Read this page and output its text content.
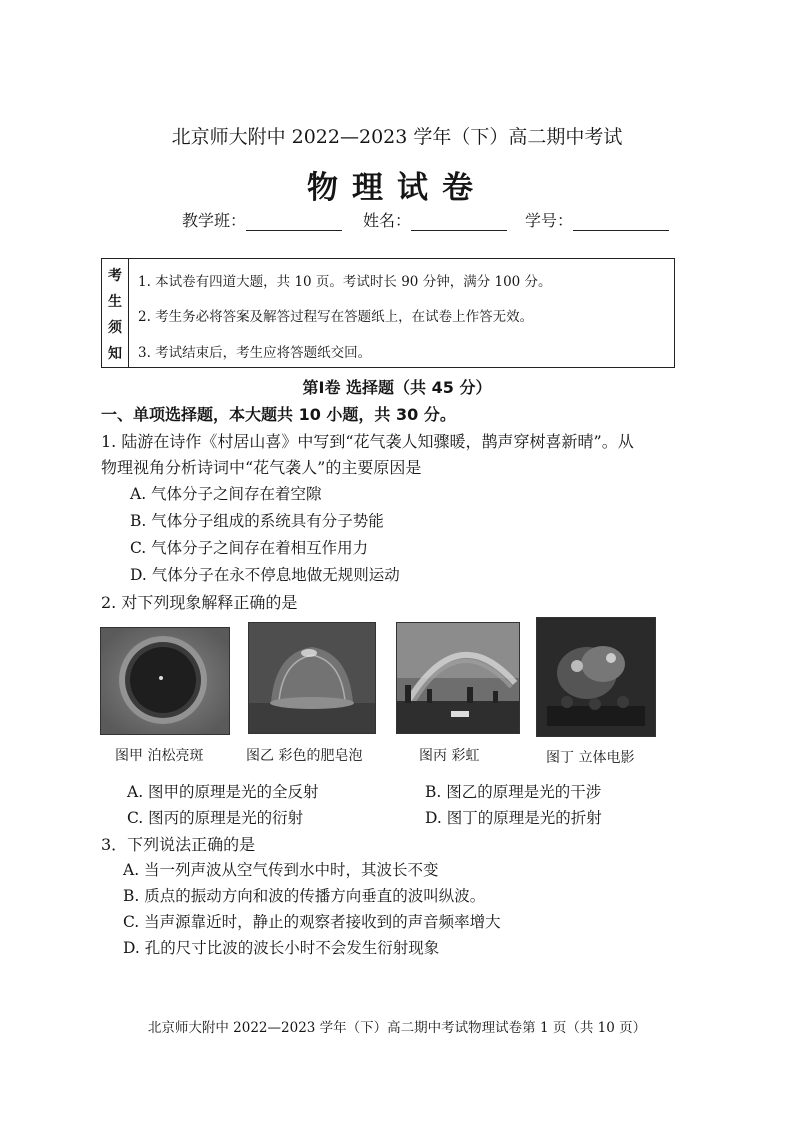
北京师大附中 2022—2023 学年（下）高二期中考试
物理试卷
教学班：	姓名：	学号：
考
生
须
知
1. 本试卷有四道大题，共 10 页。考试时长 90 分钟，满分 100 分。
2. 考生务必将答案及解答过程写在答题纸上，在试卷上作答无效。
3. 考试结束后，考生应将答题纸交回。
第Ⅰ卷 选择题（共 45 分）
一、单项选择题，本大题共 10 小题，共 30 分。
1. 陆游在诗作《村居山喜》中写到“花气袭人知骤暖，鹊声穿树喜新晴”。从
物理视角分析诗词中“花气袭人”的主要原因是
A. 气体分子之间存在着空隙
B. 气体分子组成的系统具有分子势能
C. 气体分子之间存在着相互作用力
D. 气体分子在永不停息地做无规则运动
2. 对下列现象解释正确的是
图甲 泊松亮斑	图乙 彩色的肥皂泡	图丙 彩虹	图丁 立体电影
A. 图甲的原理是光的全反射	B. 图乙的原理是光的干涉
C. 图丙的原理是光的衍射	D. 图丁的原理是光的折射
3．下列说法正确的是
A. 当一列声波从空气传到水中时，其波长不变
B. 质点的振动方向和波的传播方向垂直的波叫纵波。
C. 当声源靠近时，静止的观察者接收到的声音频率增大
D. 孔的尺寸比波的波长小时不会发生衍射现象
北京师大附中 2022—2023 学年（下）高二期中考试物理试卷第 1 页（共 10 页）
